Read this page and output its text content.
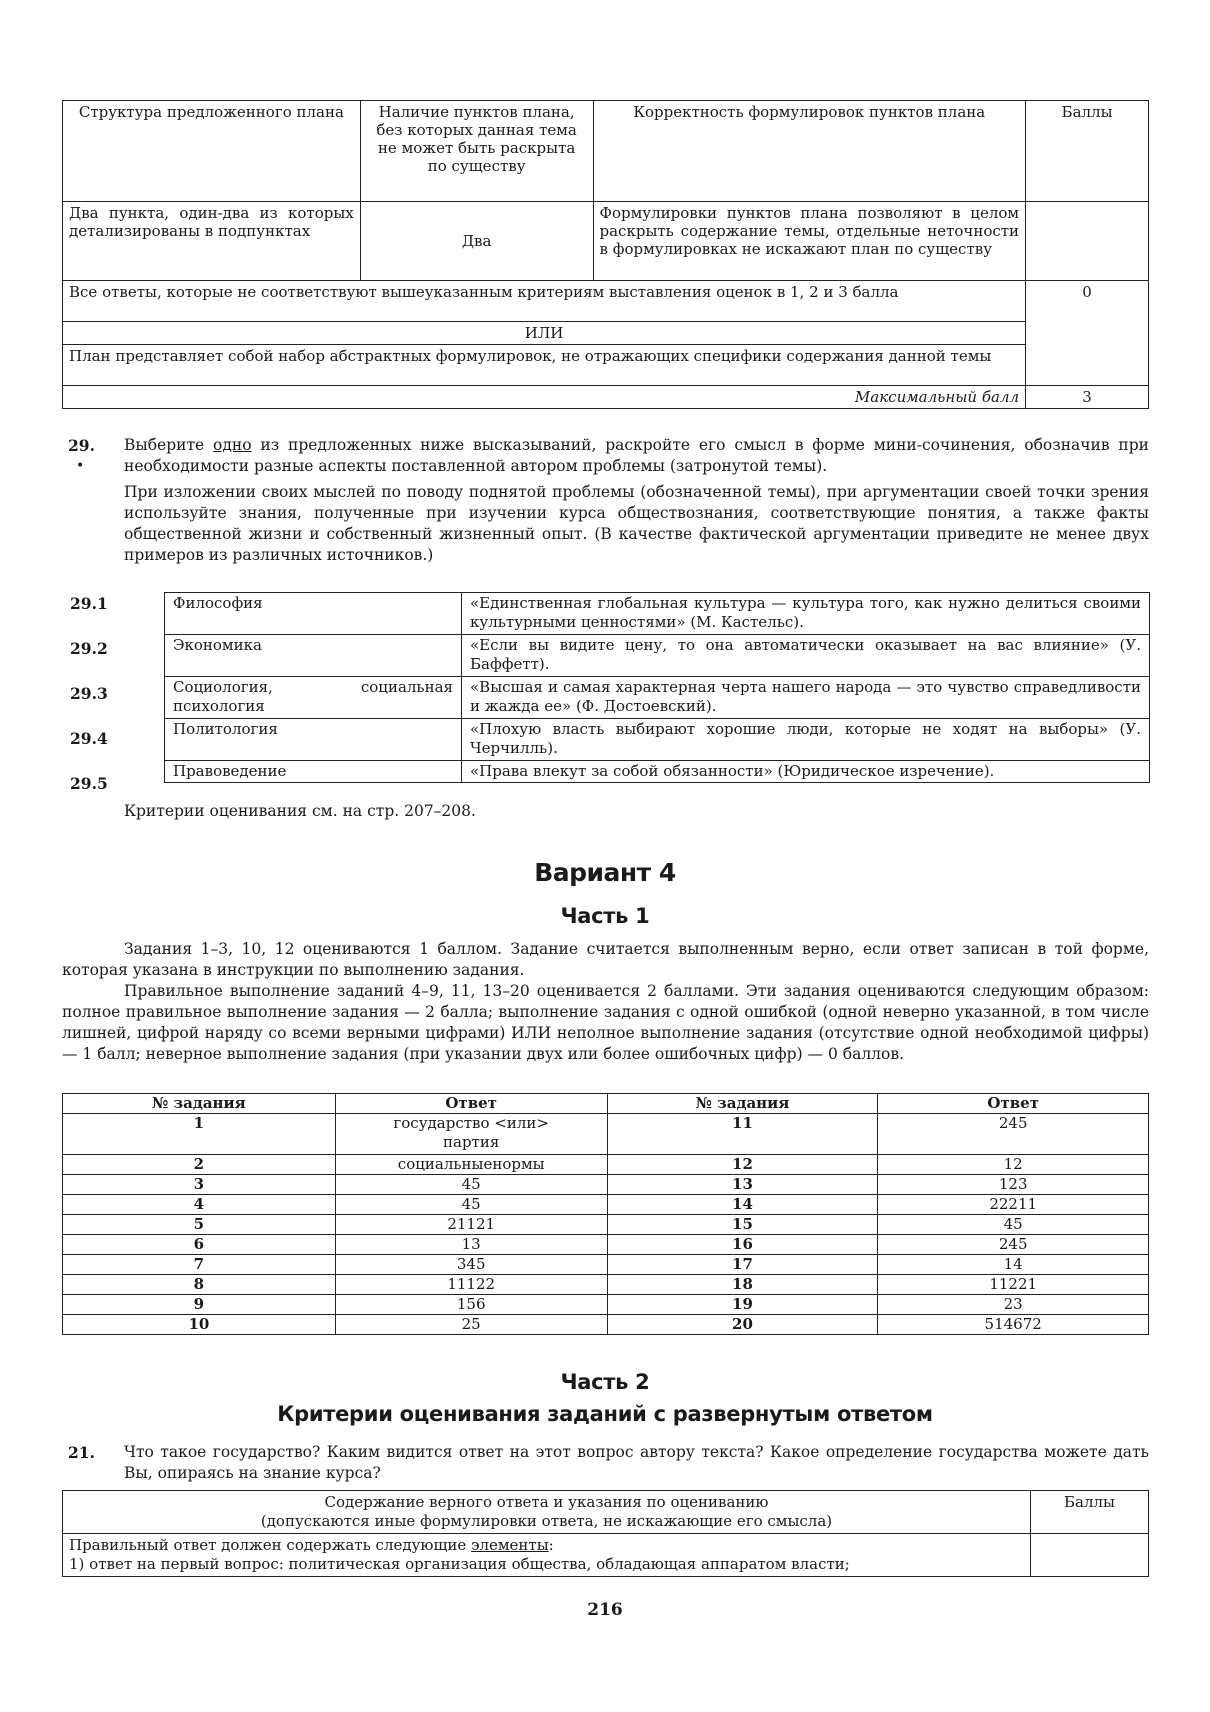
Структура предложенного плана	Наличие пунктов плана, без которых данная тема не может быть раскрыта по существу	Корректность формулировок пунктов плана	Баллы
Два пункта, один-два из которых детализированы в подпунктах	Два	Формулировки пунктов плана позволяют в целом раскрыть содержание темы, отдельные неточности в формулировках не искажают план по существу	
Все ответы, которые не соответствуют вышеуказанным критериям выставления оценок в 1, 2 и 3 балла			0
ИЛИ			
План представляет собой набор абстрактных формулировок, не отражающих специфики содержания данной темы			
Максимальный балл			3
29.
•
Выберите одно из предложенных ниже высказываний, раскройте его смысл в форме мини-сочинения, обозначив при необходимости разные аспекты поставленной автором проблемы (затронутой темы).
При изложении своих мыслей по поводу поднятой проблемы (обозначенной темы), при аргументации своей точки зрения используйте знания, полученные при изучении курса обществознания, соответствующие понятия, а также факты общественной жизни и собственный жизненный опыт. (В качестве фактической аргументации приведите не менее двух примеров из различных источников.)
29.1
29.2
29.3
29.4
29.5
Философия	«Единственная глобальная культура — культура того, как нужно делиться своими культурными ценностями» (М. Кастельс).
Экономика	«Если вы видите цену, то она автоматически оказывает на вас влияние» (У. Баффетт).
Социология, социальная психология	«Высшая и самая характерная черта нашего народа — это чувство справедливости и жажда ее» (Ф. Достоевский).
Политология	«Плохую власть выбирают хорошие люди, которые не ходят на выборы» (У. Черчилль).
Правоведение	«Права влекут за собой обязанности» (Юридическое изречение).
Критерии оценивания см. на стр. 207–208.
Вариант 4
Часть 1
Задания 1–3, 10, 12 оцениваются 1 баллом. Задание считается выполненным верно, если ответ записан в той форме, которая указана в инструкции по выполнению задания.
Правильное выполнение заданий 4–9, 11, 13–20 оценивается 2 баллами. Эти задания оцениваются следующим образом: полное правильное выполнение задания — 2 балла; выполнение задания с одной ошибкой (одной неверно указанной, в том числе лишней, цифрой наряду со всеми верными цифрами) ИЛИ неполное выполнение задания (отсутствие одной необходимой цифры) — 1 балл; неверное выполнение задания (при указании двух или более ошибочных цифр) — 0 баллов.
№ задания	Ответ	№ задания	Ответ
1	государство <или> партия	11	245
2	социальныенормы	12	12
3	45	13	123
4	45	14	22211
5	21121	15	45
6	13	16	245
7	345	17	14
8	11122	18	11221
9	156	19	23
10	25	20	514672
Часть 2
Критерии оценивания заданий с развернутым ответом
21. Что такое государство? Каким видится ответ на этот вопрос автору текста? Какое определение государства можете дать Вы, опираясь на знание курса?
Содержание верного ответа и указания по оцениванию
(допускаются иные формулировки ответа, не искажающие его смысла)	Баллы

Правильный ответ должен содержать следующие элементы:
1) ответ на первый вопрос: политическая организация общества, обладающая аппаратом власти;	

216
